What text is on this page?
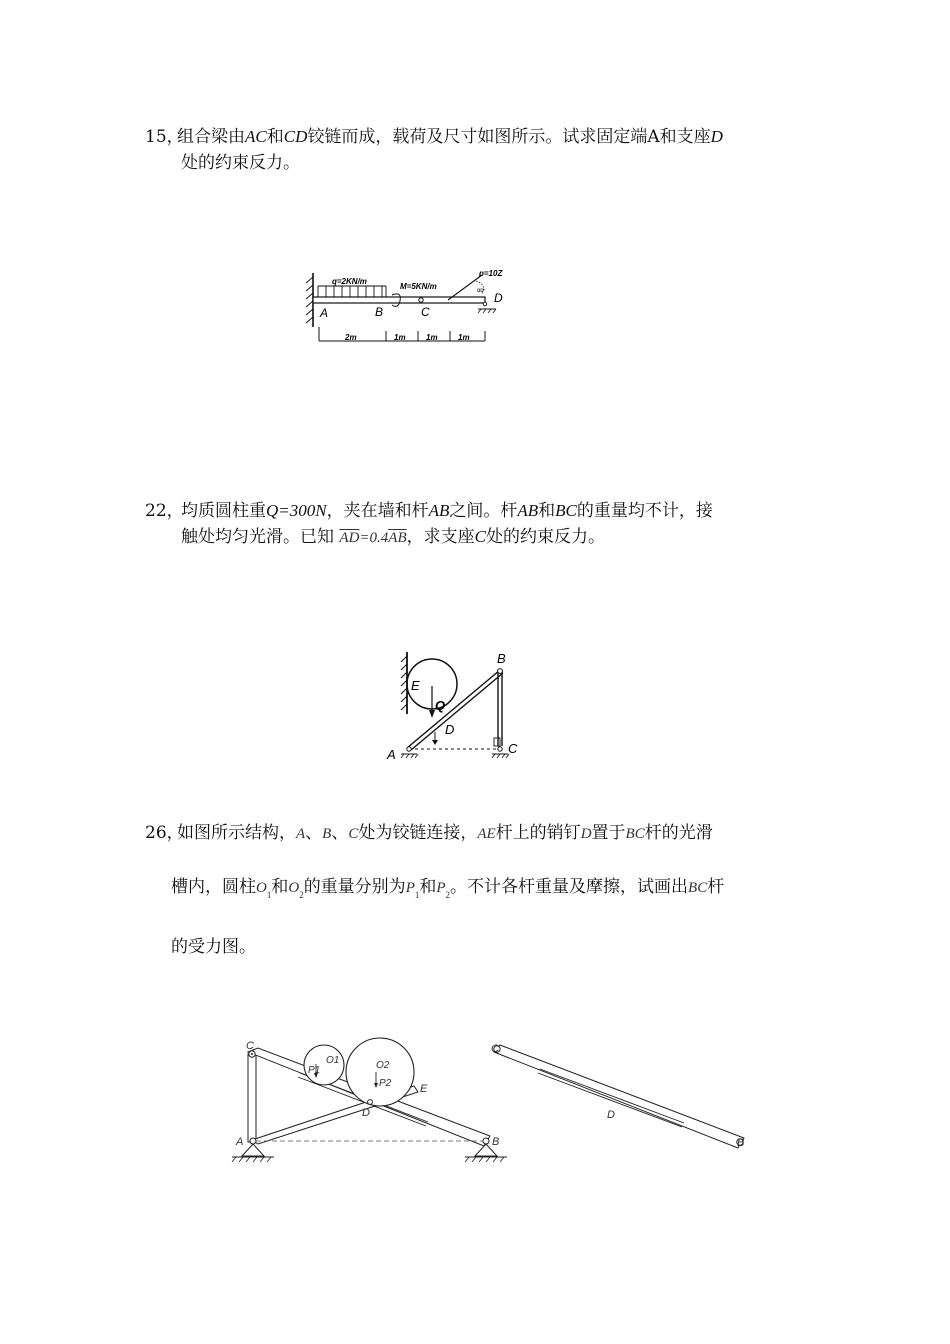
15，
组合梁由AC和CD铰链而成，载荷及尺寸如图所示。试求固定端A和支座D
处的约束反力。
q=2KN/m
M=5KN/m
p=10Z
αq
A	B	C
D
2m	1m	1m	1m
22，
均质圆柱重Q=300N，夹在墙和杆AB之间。杆AB和BC的重量均不计，接
触处均匀光滑。已知 $\overline{AD}=0.4\overline{AB}$，求支座C处的约束反力。
B
E
Q
D
A	C
26，
如图所示结构，A、B、C处为铰链连接，AE杆上的销钉D置于BC杆的光滑
槽内，圆柱$O_1$和$O_2$的重量分别为$P_1$和$P_2$。不计各杆重量及摩擦，试画出BC杆
的受力图。
C
O1	O2
P1
P2	E
D
A	B
C
D
B
